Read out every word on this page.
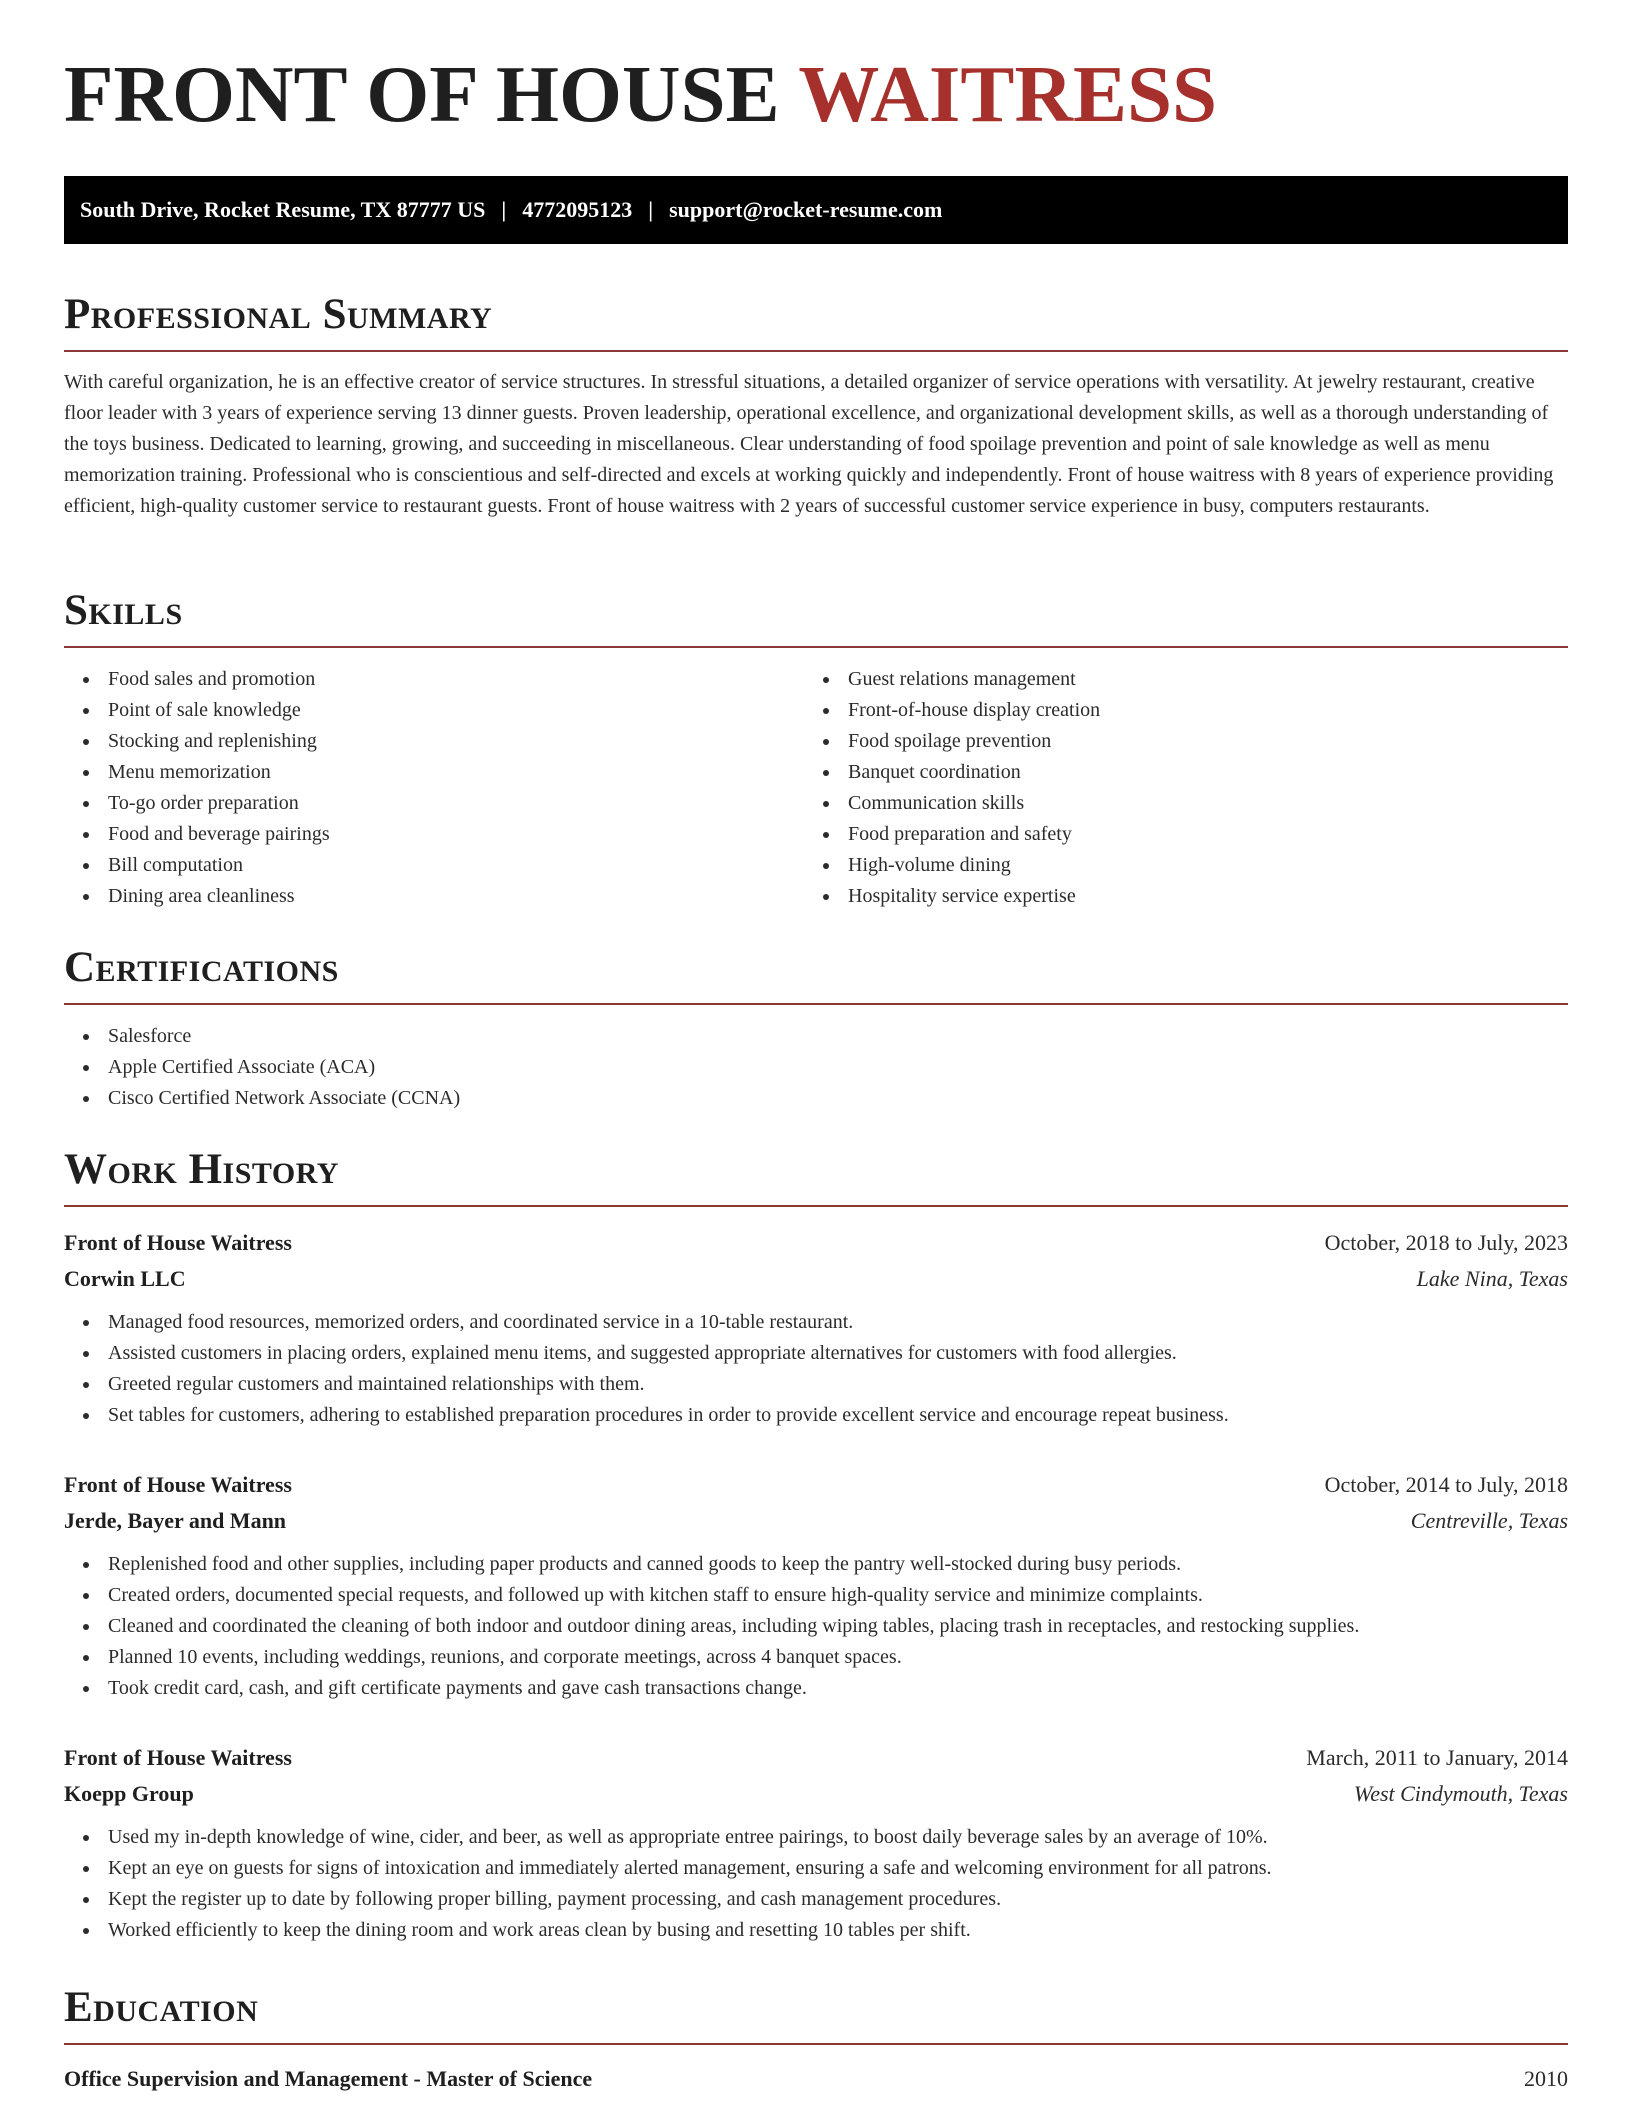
FRONT OF HOUSE WAITRESS
South Drive, Rocket Resume, TX 87777 US | 4772095123 | support@rocket-resume.com
Professional Summary

With careful organization, he is an effective creator of service structures. In stressful situations, a detailed organizer of service operations with versatility. At jewelry restaurant, creative floor leader with 3 years of experience serving 13 dinner guests. Proven leadership, operational excellence, and organizational development skills, as well as a thorough understanding of the toys business. Dedicated to learning, growing, and succeeding in miscellaneous. Clear understanding of food spoilage prevention and point of sale knowledge as well as menu memorization training. Professional who is conscientious and self-directed and excels at working quickly and independently. Front of house waitress with 8 years of experience providing efficient, high-quality customer service to restaurant guests. Front of house waitress with 2 years of successful customer service experience in busy, computers restaurants.

Skills
Food sales and promotion
Point of sale knowledge
Stocking and replenishing
Menu memorization
To-go order preparation
Food and beverage pairings
Bill computation
Dining area cleanliness
Guest relations management
Front-of-house display creation
Food spoilage prevention
Banquet coordination
Communication skills
Food preparation and safety
High-volume dining
Hospitality service expertise
Certifications
Salesforce
Apple Certified Associate (ACA)
Cisco Certified Network Associate (CCNA)
Work History
Front of House Waitress	October, 2018 to July, 2023
Corwin LLC	Lake Nina, Texas
Managed food resources, memorized orders, and coordinated service in a 10-table restaurant.
Assisted customers in placing orders, explained menu items, and suggested appropriate alternatives for customers with food allergies.
Greeted regular customers and maintained relationships with them.
Set tables for customers, adhering to established preparation procedures in order to provide excellent service and encourage repeat business.
Front of House Waitress	October, 2014 to July, 2018
Jerde, Bayer and Mann	Centreville, Texas
Replenished food and other supplies, including paper products and canned goods to keep the pantry well-stocked during busy periods.
Created orders, documented special requests, and followed up with kitchen staff to ensure high-quality service and minimize complaints.
Cleaned and coordinated the cleaning of both indoor and outdoor dining areas, including wiping tables, placing trash in receptacles, and restocking supplies.
Planned 10 events, including weddings, reunions, and corporate meetings, across 4 banquet spaces.
Took credit card, cash, and gift certificate payments and gave cash transactions change.
Front of House Waitress	March, 2011 to January, 2014
Koepp Group	West Cindymouth, Texas
Used my in-depth knowledge of wine, cider, and beer, as well as appropriate entree pairings, to boost daily beverage sales by an average of 10%.
Kept an eye on guests for signs of intoxication and immediately alerted management, ensuring a safe and welcoming environment for all patrons.
Kept the register up to date by following proper billing, payment processing, and cash management procedures.
Worked efficiently to keep the dining room and work areas clean by busing and resetting 10 tables per shift.
Education
Office Supervision and Management - Master of Science	2010
